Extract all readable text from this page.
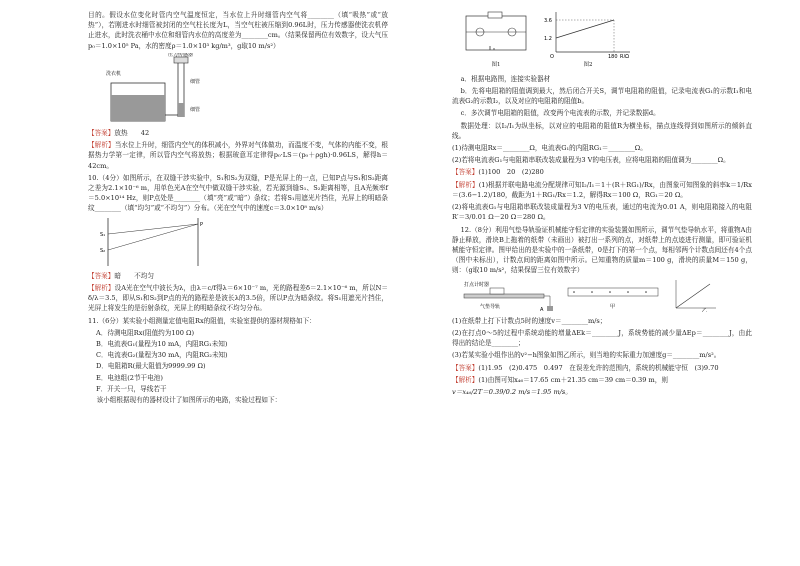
目的。假设水位变化时管内空气温度恒定，当水位上升时细管内空气将________（填“吸热”或“放热”），若刚进水时细管被封闭的空气柱长度为L，当空气柱被压缩到0.96L时，压力传感器使洗衣机停止进水，此时洗衣桶中水位和细管内水位的高度差为________cm。（结果保留两位有效数字，设大气压p₀＝1.0×10⁵ Pa，水的密度ρ＝1.0×10³ kg/m³，g取10 m/s²）

洗衣机
压力传感器
细管
细管

【答案】放热　　42

【解析】当水位上升时，细管内空气的体积减小，外界对气体做功，而温度不变，气体的内能不变，根据热力学第一定律，所以管内空气将放热；根据玻意耳定律得p₀·LS＝(p₀＋ρgh)·0.96LS，解得h＝42cm。

10.（4分）如图所示，在双缝干涉实验中，S₁和S₂为双缝，P是光屏上的一点，已知P点与S₁和S₂距离之差为2.1×10⁻⁶ m，用单色光A在空气中做双缝干涉实验，若光源到缝S₁、S₂距离相等，且A光频率f＝5.0×10¹⁴ Hz，则P点处是________（填“亮”或“暗”）条纹；若将S₁用遮光片挡住，光屏上的明暗条纹________（填“均匀”或“不均匀”）分布。（光在空气中的速度c＝3.0×10⁸ m/s）

S₁
S₂
P

【答案】暗　　不均匀

【解析】设A光在空气中波长为λ，由λ＝c/f得λ＝6×10⁻⁷ m，光的路程差δ＝2.1×10⁻⁶ m，所以N＝δ/λ＝3.5，即从S₁和S₂到P点的光的路程差是波长λ的3.5倍，所以P点为暗条纹。将S₁用遮光片挡住，光屏上将发生的是衍射条纹，光屏上的明暗条纹不均匀分布。

11.（6分）某实验小组测量定值电阻Rx的阻值，实验室提供的器材规格如下：

A．待测电阻Rx(阻值约为100 Ω)

B．电流表G₁(量程为10 mA，内阻RG₁未知)

C．电流表G₂(量程为30 mA，内阻RG₂未知)

D．电阻箱R(最大阻值为9999.99 Ω)

E．电池组(2节干电池)

F．开关一只，导线若干

该小组根据现有的器材设计了如图所示的电路，实验过程如下：

图1
3.6
1.2
180 R/Ω
O
图2

a．根据电路图，连接实验器材

b．先将电阻箱的阻值调到最大，然后闭合开关S，调节电阻箱的阻值，记录电流表G₁的示数I₁和电流表G₂的示数I₂，以及对应的电阻箱的阻值b。

c．多次调节电阻箱的阻值，改变两个电流表的示数，并记录数据d。

数据处理：以I₂/I₁为纵坐标，以对应的电阻箱的阻值R为横坐标，描点连线得到如图所示的倾斜直线。

(1)待测电阻Rx＝________Ω，电流表G₁的内阻RG₁＝________Ω。

(2)若将电流表G₁与电阻箱串联改装成量程为3 V的电压表，应将电阻箱的阻值调为________Ω。

【答案】(1)100　20　(2)280

【解析】(1)根据并联电路电流分配规律可知I₂/I₁＝1＋(R＋RG₁)/Rx，由图象可知图象的斜率k＝1/Rx＝(3.6−1.2)/180，截距为1＋RG₁/Rx＝1.2，解得Rx＝100 Ω，RG₁＝20 Ω。

(2)将电流表G₁与电阻箱串联改装成量程为3 V的电压表，通过的电流为0.01 A，则电阻箱接入的电阻R′＝3/0.01 Ω－20 Ω＝280 Ω。

12.（8分）利用气垫导轨验证机械能守恒定律的实验装置如图所示，调节气垫导轨水平，将重物A由静止释放，滑块B上拖着的纸带（未画出）被打出一系列的点，对纸带上的点迹进行测量，即可验证机械能守恒定律。图甲给出的是实验中的一条纸带，0是打下的第一个点，每相邻两个计数点间还有4个点（图中未标出），计数点间的距离如图中所示。已知重物的质量m＝100 g，滑块的质量M＝150 g，则：（g取10 m/s²，结果保留三位有效数字）

打点计时器
气垫导轨	A	甲
乙

(1)在纸带上打下计数点5时的速度v＝________m/s；

(2)在打点0～5的过程中系统动能的增量ΔEk＝________J，系统势能的减少量ΔEp＝________J，由此得出的结论是________；

(3)若某实验小组作出的v²−h图象如图乙所示，则当地的实际重力加速度g＝________m/s²。

【答案】(1)1.95　(2)0.475　0.497　在误差允许的范围内，系统的机械能守恒　(3)9.70

【解析】(1)由图可知x₄₆＝17.65 cm＋21.35 cm＝39 cm＝0.39 m，则

v＝x₄₆/2T＝0.39/0.2 m/s＝1.95 m/s。
